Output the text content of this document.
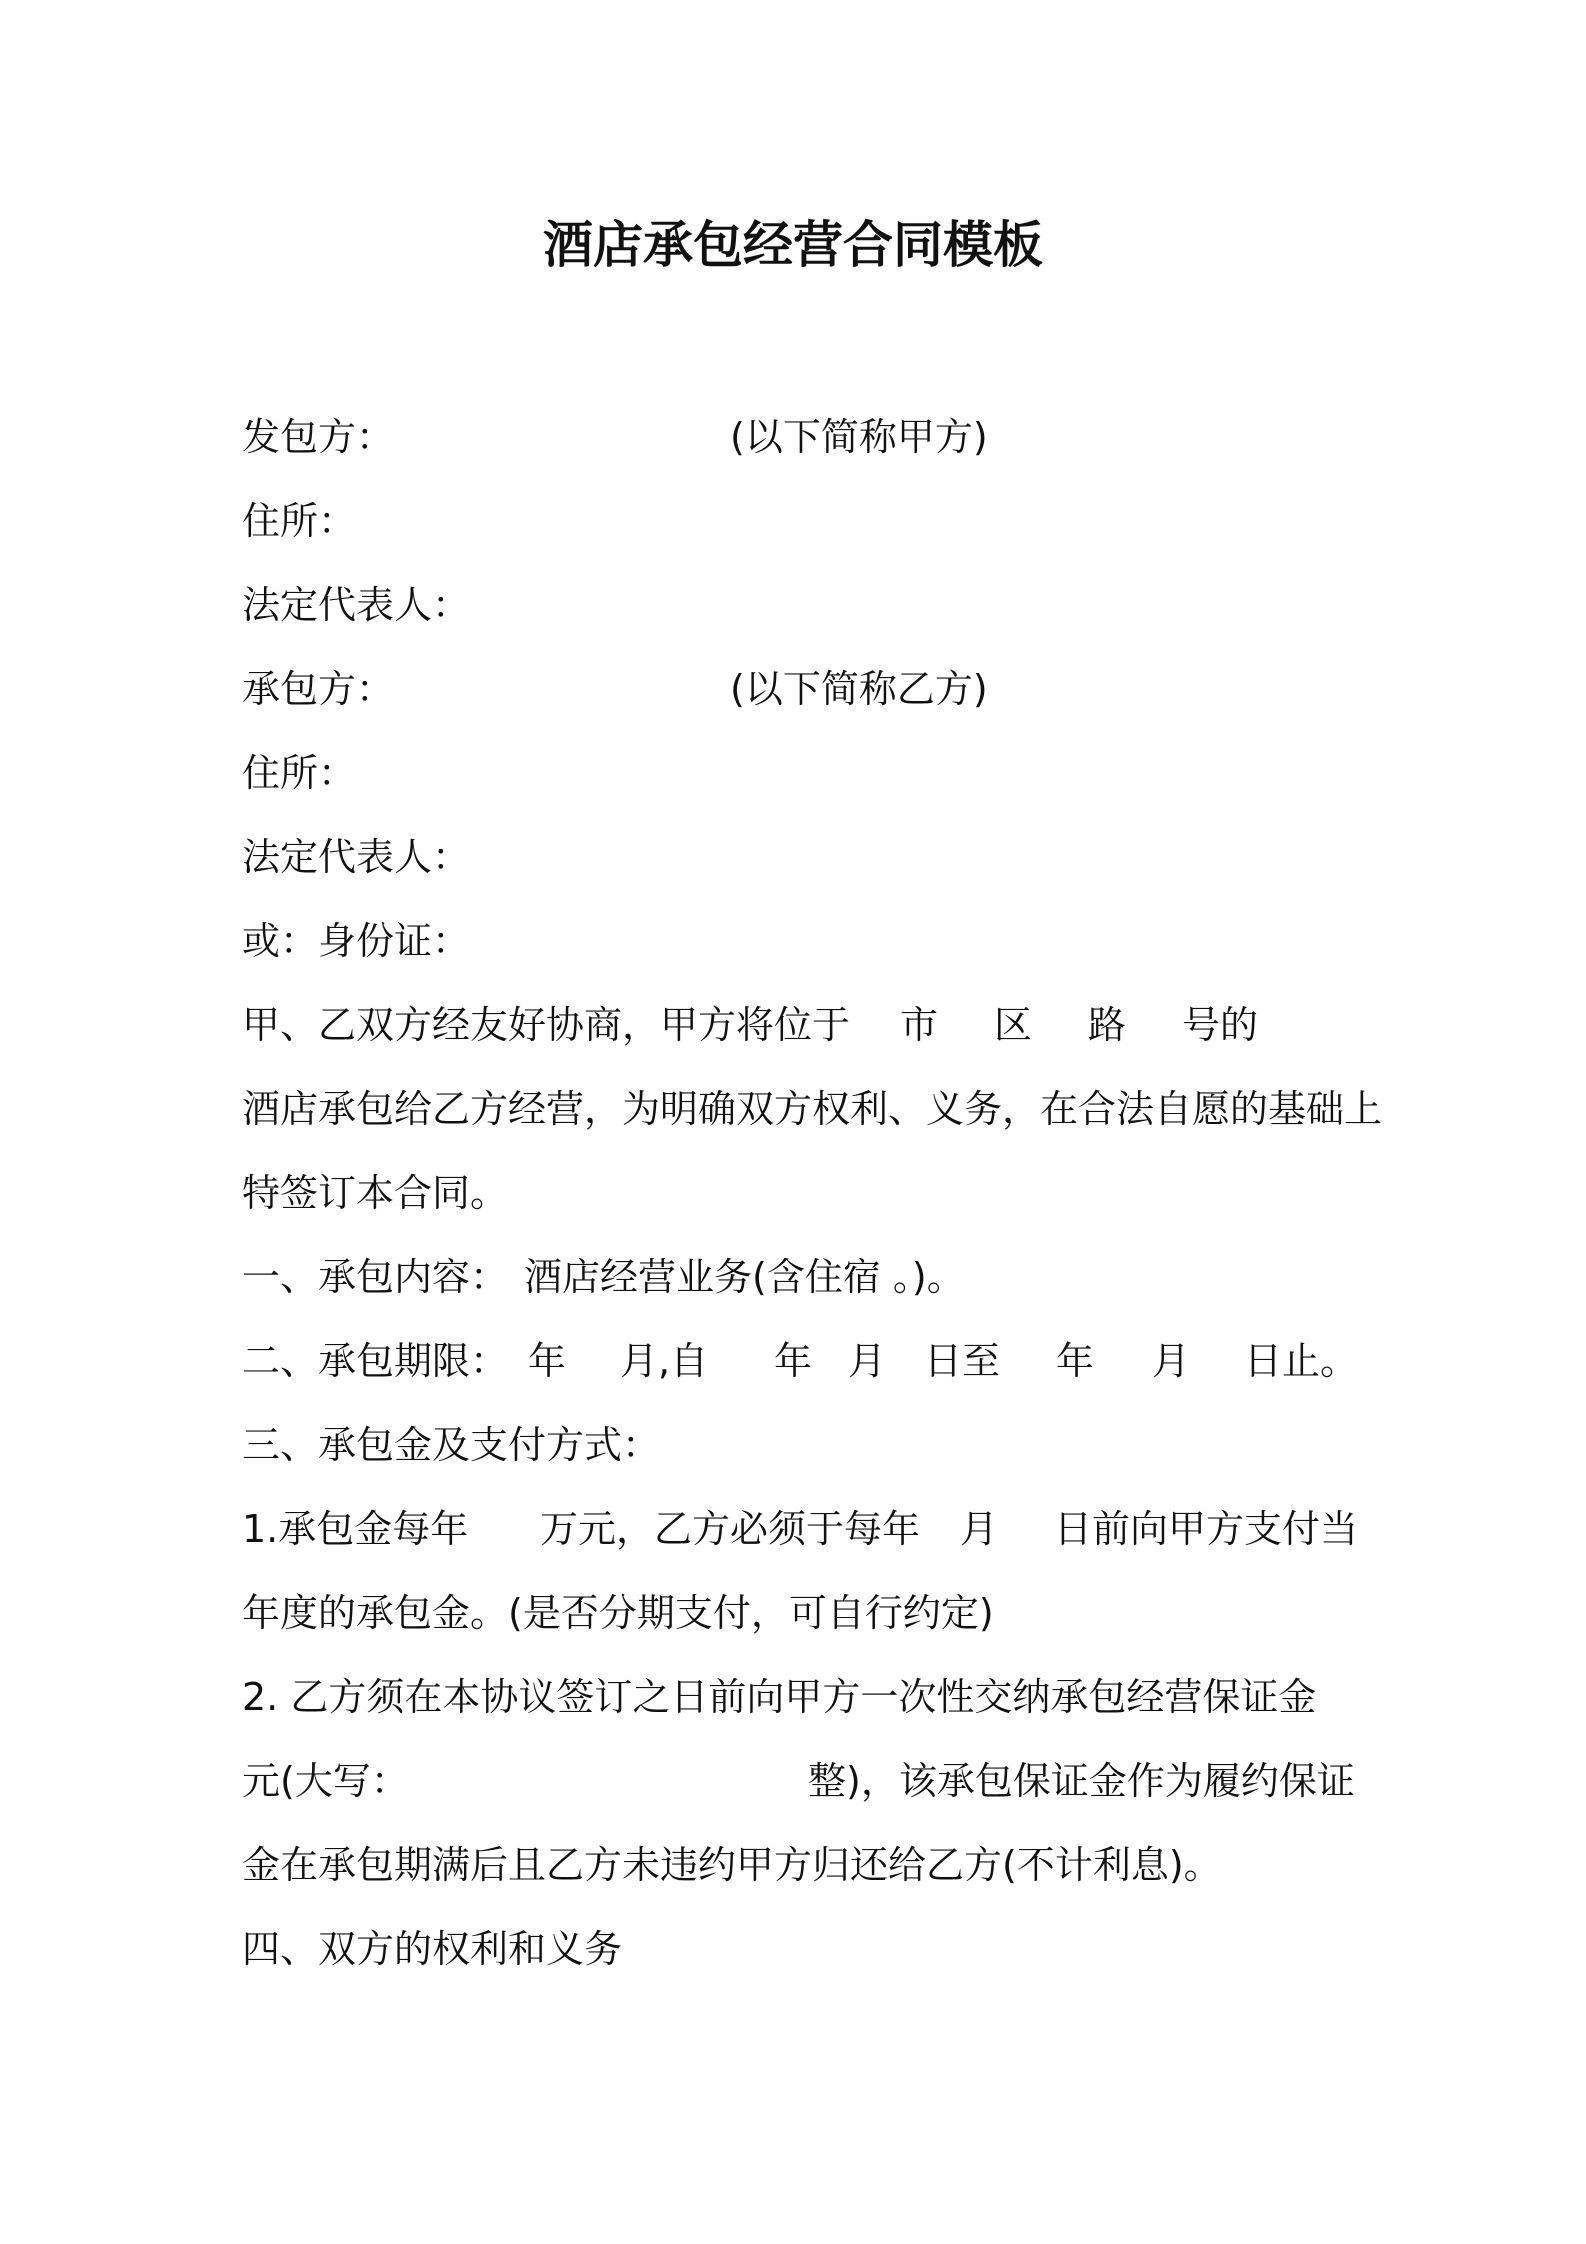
酒店承包经营合同模板
发包方：	(以下简称甲方)
住所：
法定代表人：
承包方：	(以下简称乙方)
住所：
法定代表人：
或：身份证：
甲、乙双方经友好协商，甲方将位于 市 区 路 号的
酒店承包给乙方经营，为明确双方权利、义务，在合法自愿的基础上
特签订本合同。
一、承包内容： 酒店经营业务(含住宿 。)。
二、承包期限： 年 月,自 年 月 日至 年 月 日止。
三、承包金及支付方式：
1.承包金每年 万元，乙方必须于每年 月 日前向甲方支付当
年度的承包金。(是否分期支付，可自行约定)
2. 乙方须在本协议签订之日前向甲方一次性交纳承包经营保证金
元(大写：	整)，该承包保证金作为履约保证
金在承包期满后且乙方未违约甲方归还给乙方(不计利息)。
四、双方的权利和义务
